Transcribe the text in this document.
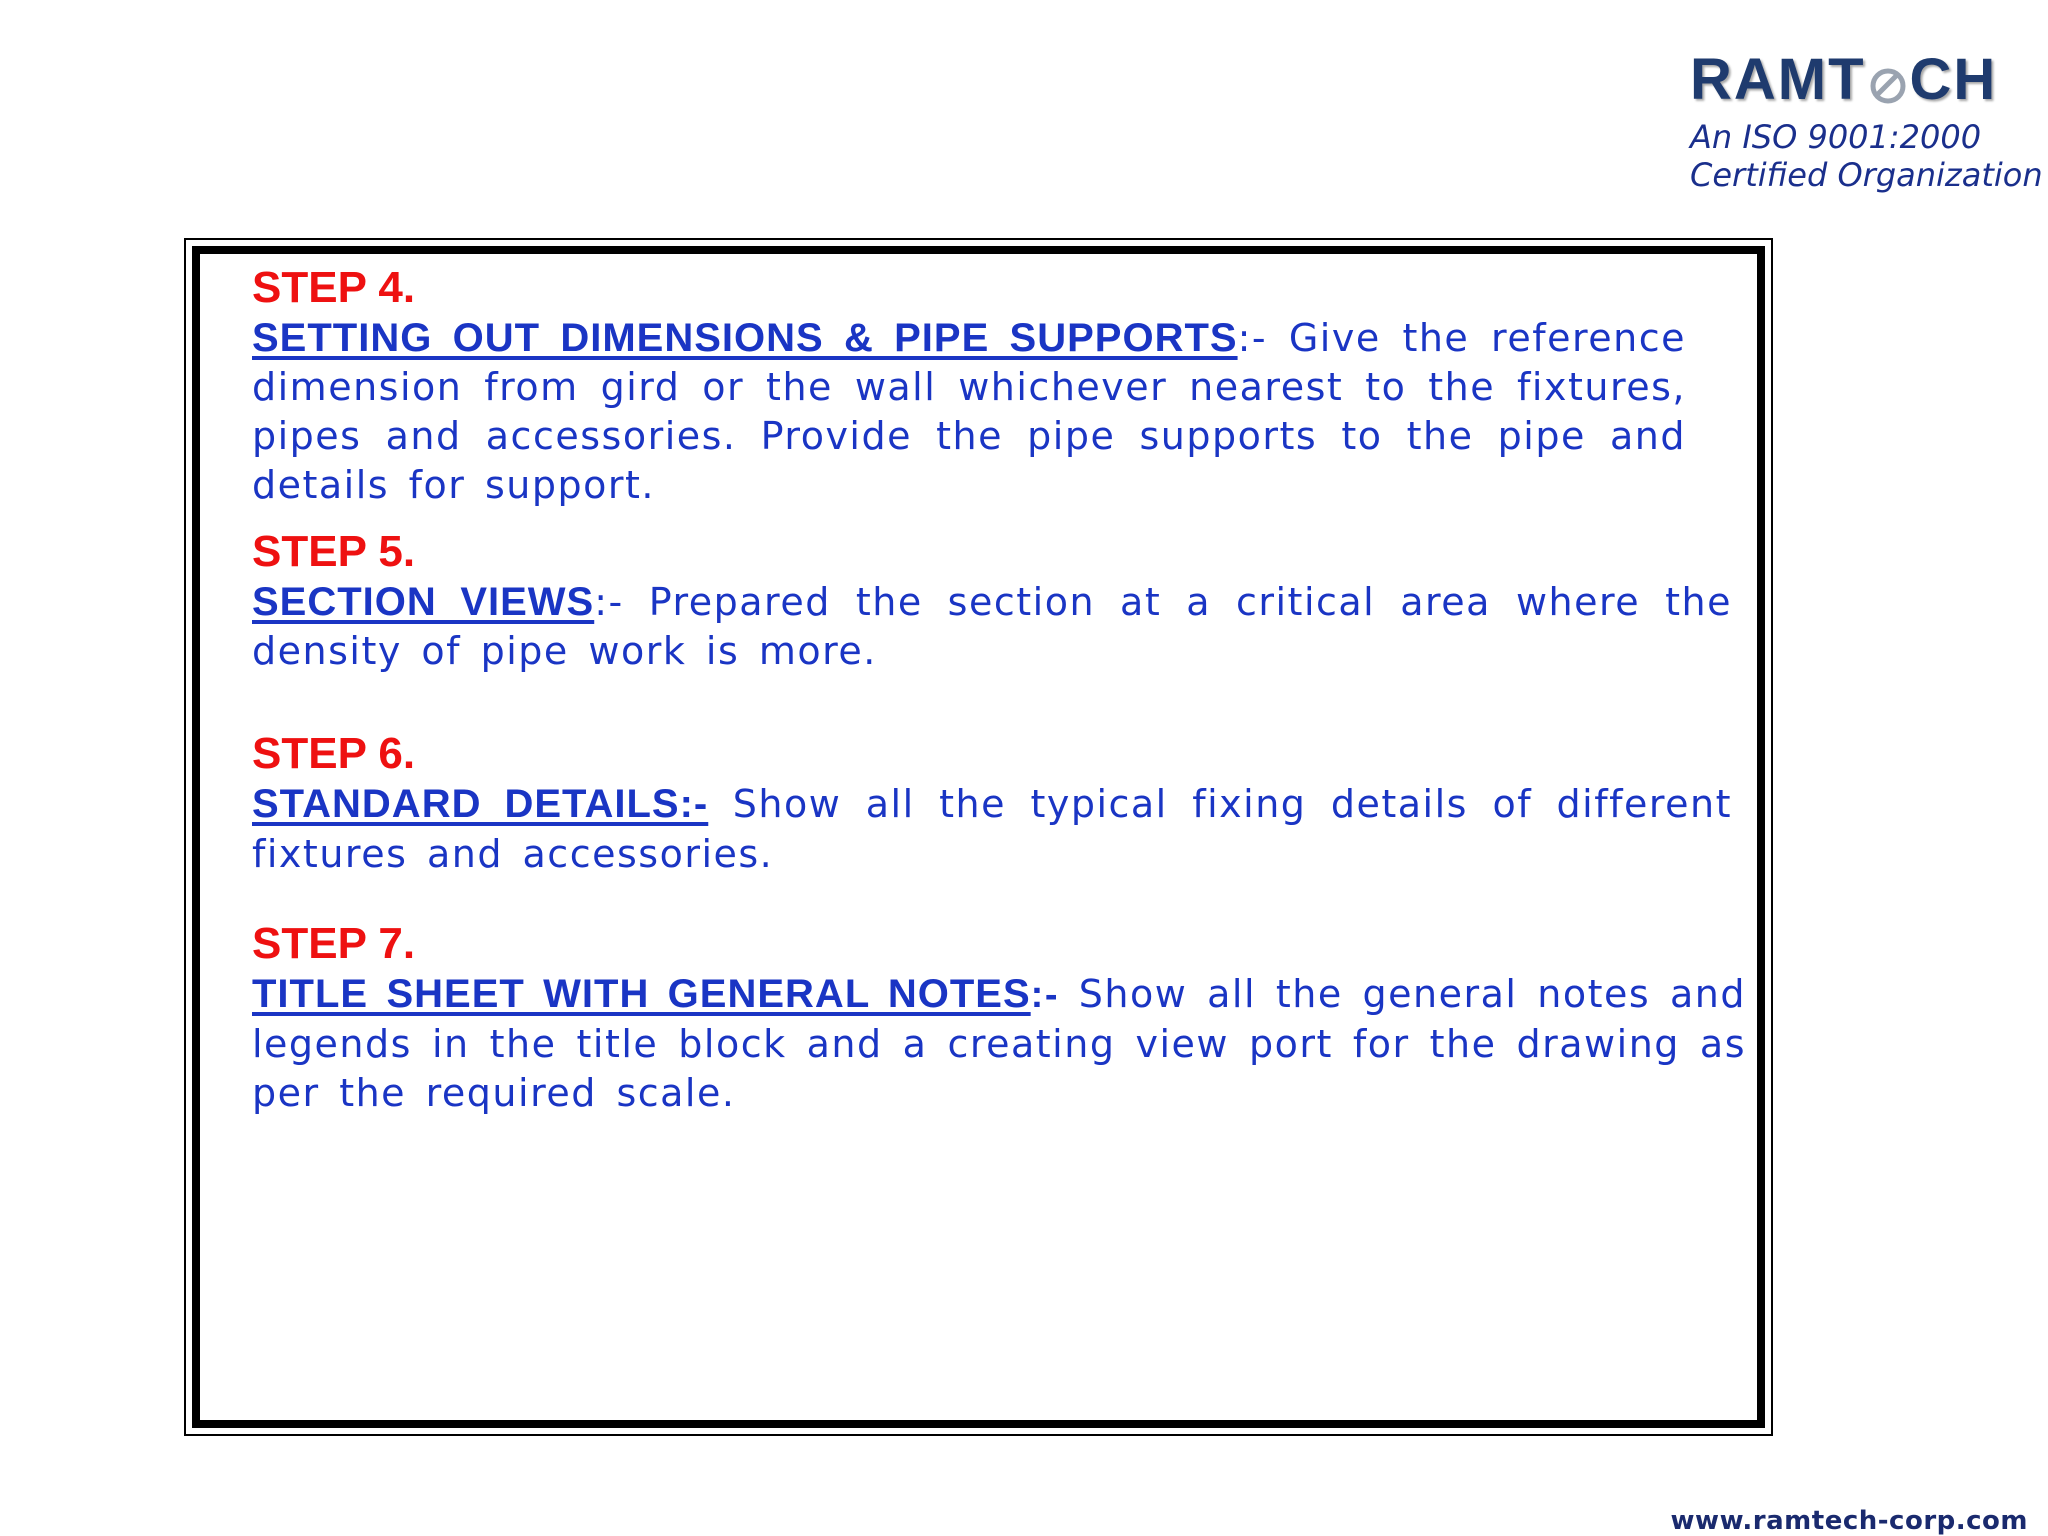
RAMT CH
An ISO 9001:2000
Certified Organization
STEP 4.
SETTING OUT DIMENSIONS & PIPE SUPPORTS:- Give the reference dimension from gird or the wall whichever nearest to the fixtures, pipes and accessories. Provide the pipe supports to the pipe and details for support.
STEP 5.
SECTION VIEWS:- Prepared the section at a critical area where the density of pipe work is more.
STEP 6.
STANDARD DETAILS:- Show all the typical fixing details of different fixtures and accessories.
STEP 7.
TITLE SHEET WITH GENERAL NOTES:- Show all the general notes and legends in the title block and a creating view port for the drawing as per the required scale.
www.ramtech-corp.com
